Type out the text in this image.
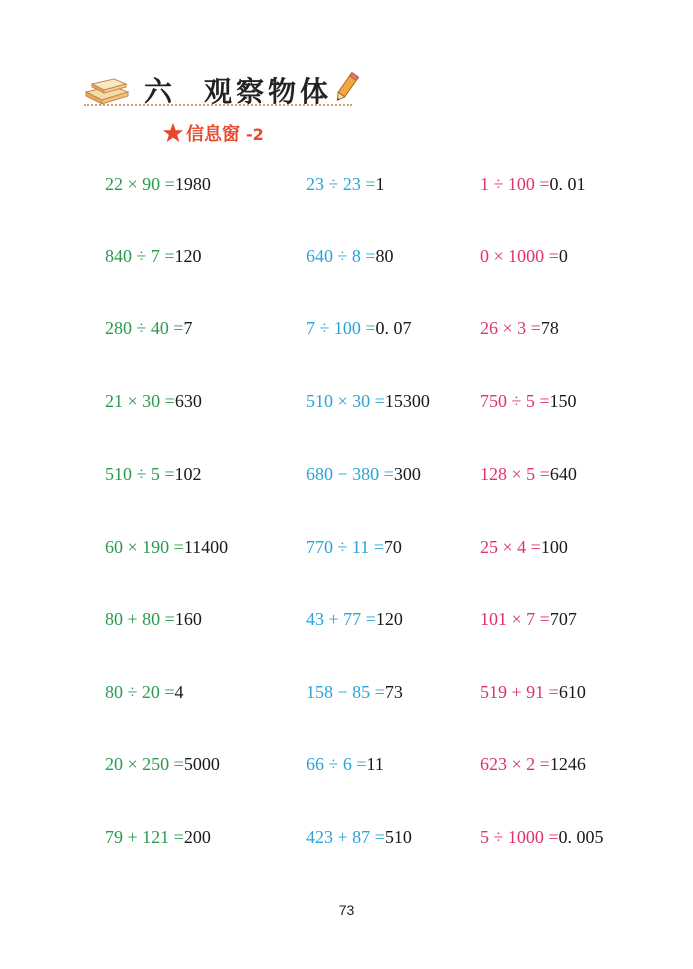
六 观察物体
信息窗 -2
22 × 90 =1980
840 ÷ 7 =120
280 ÷ 40 =7
21 × 30 =630
510 ÷ 5 =102
60 × 190 =11400
80 + 80 =160
80 ÷ 20 =4
20 × 250 =5000
79 + 121 =200
23 ÷ 23 =1
640 ÷ 8 =80
7 ÷ 100 =0. 07
510 × 30 =15300
680 − 380 =300
770 ÷ 11 =70
43 + 77 =120
158 − 85 =73
66 ÷ 6 =11
423 + 87 =510
1 ÷ 100 =0. 01
0 × 1000 =0
26 × 3 =78
750 ÷ 5 =150
128 × 5 =640
25 × 4 =100
101 × 7 =707
519 + 91 =610
623 × 2 =1246
5 ÷ 1000 =0. 005
73
